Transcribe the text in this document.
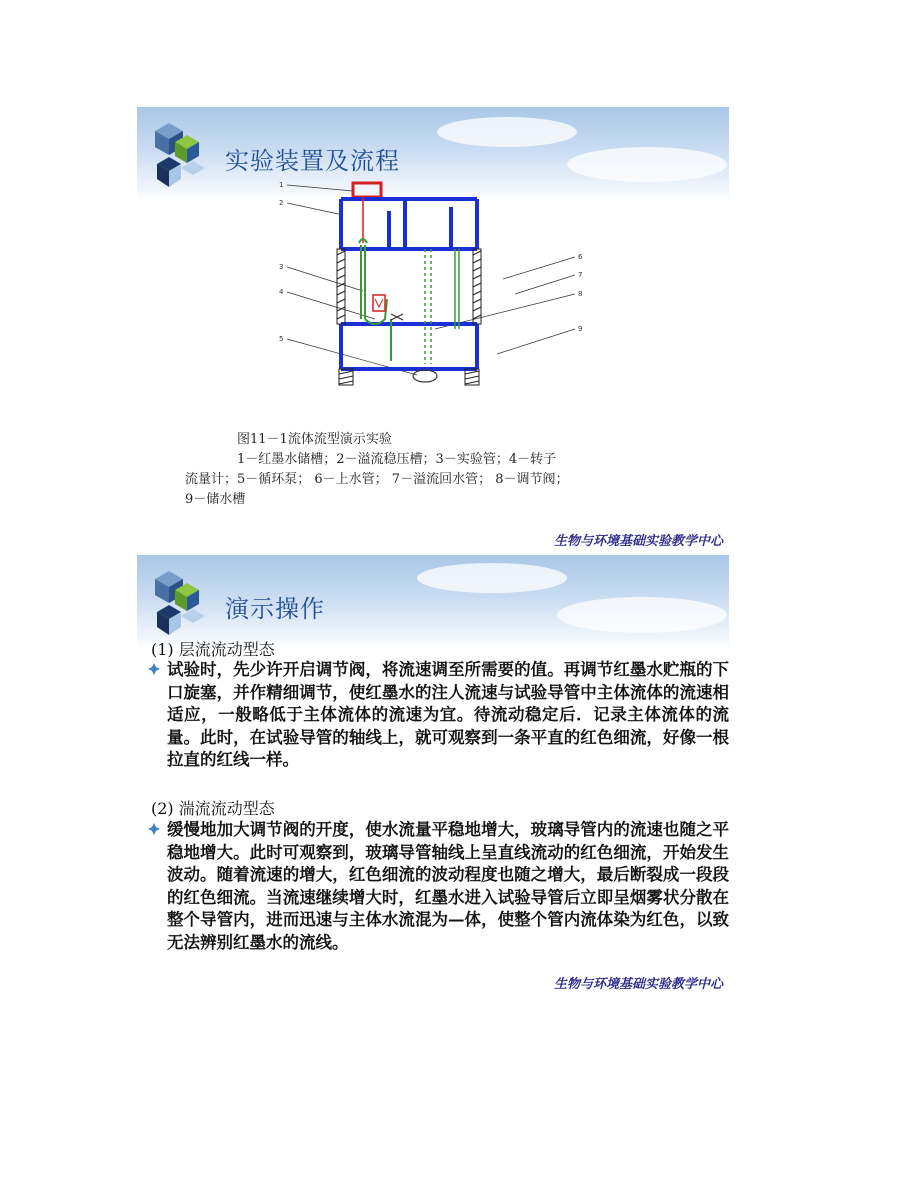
实验装置及流程
1
2
3
4
5
6
7
8
9
图11－1流体流型演示实验
1－红墨水储槽；2－溢流稳压槽；3－实验管；4－转子
流量计；5－循环泵； 6－上水管； 7－溢流回水管； 8－调节阀；
9－储水槽
生物与环境基础实验教学中心
演示操作
(1) 层流流动型态
试验时，先少许开启调节阀，将流速调至所需要的值。再调节红墨水贮瓶的下口旋塞，并作精细调节，使红墨水的注人流速与试验导管中主体流体的流速相适应，一般略低于主体流体的流速为宜。待流动稳定后．记录主体流体的流量。此时，在试验导管的轴线上，就可观察到一条平直的红色细流，好像一根拉直的红线一样。
(2) 湍流流动型态
缓慢地加大调节阀的开度，使水流量平稳地增大，玻璃导管内的流速也随之平稳地增大。此时可观察到，玻璃导管轴线上呈直线流动的红色细流，开始发生波动。随着流速的增大，红色细流的波动程度也随之增大，最后断裂成一段段的红色细流。当流速继续增大时，红墨水进入试验导管后立即呈烟雾状分散在整个导管内，进而迅速与主体水流混为—体，使整个管内流体染为红色，以致无法辨别红墨水的流线。
生物与环境基础实验教学中心
